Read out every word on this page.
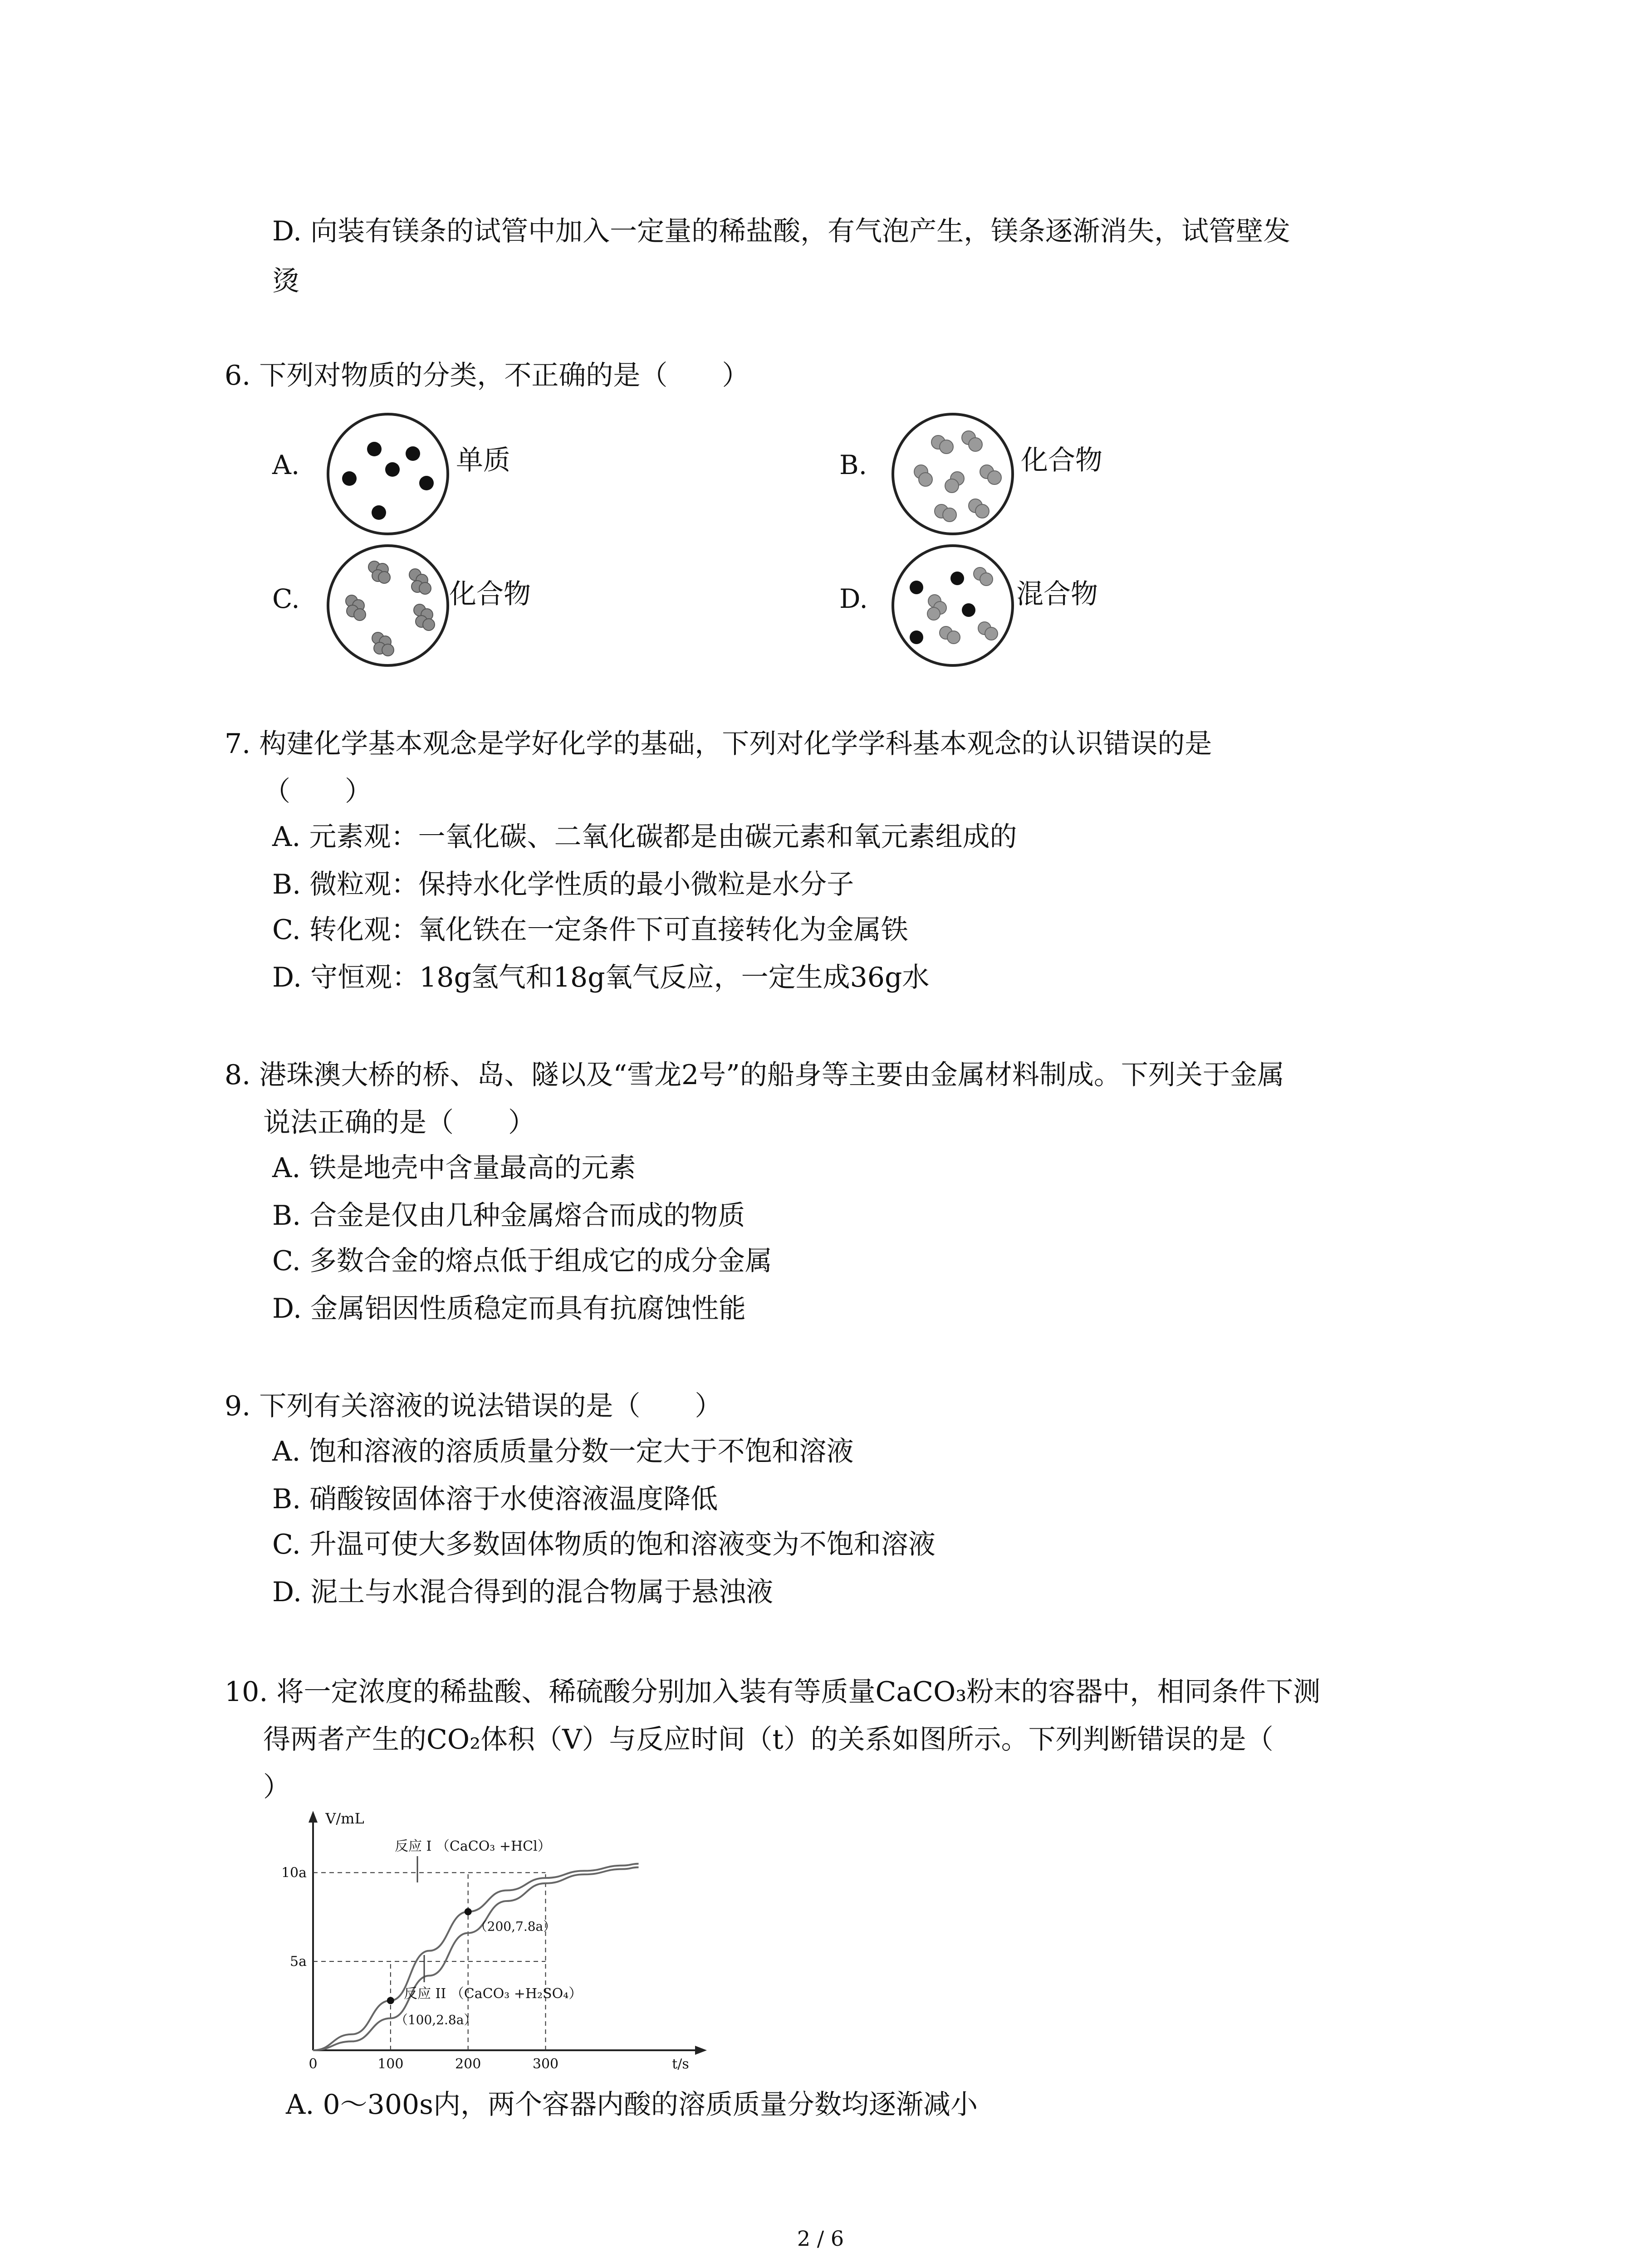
D. 向装有镁条的试管中加入一定量的稀盐酸，有气泡产生，镁条逐渐消失，试管壁发
烫
6. 下列对物质的分类，不正确的是（　　）
A.	单质	B.	化合物
C.	化合物	D.	混合物
7. 构建化学基本观念是学好化学的基础，下列对化学学科基本观念的认识错误的是
（　　）
A. 元素观：一氧化碳、二氧化碳都是由碳元素和氧元素组成的
B. 微粒观：保持水化学性质的最小微粒是水分子
C. 转化观：氧化铁在一定条件下可直接转化为金属铁
D. 守恒观：18g氢气和18g氧气反应，一定生成36g水
8. 港珠澳大桥的桥、岛、隧以及“雪龙2号”的船身等主要由金属材料制成。下列关于金属
说法正确的是（　　）
A. 铁是地壳中含量最高的元素
B. 合金是仅由几种金属熔合而成的物质
C. 多数合金的熔点低于组成它的成分金属
D. 金属铝因性质稳定而具有抗腐蚀性能
9. 下列有关溶液的说法错误的是（　　）
A. 饱和溶液的溶质质量分数一定大于不饱和溶液
B. 硝酸铵固体溶于水使溶液温度降低
C. 升温可使大多数固体物质的饱和溶液变为不饱和溶液
D. 泥土与水混合得到的混合物属于悬浊液
10. 将一定浓度的稀盐酸、稀硫酸分别加入装有等质量CaCO₃粉末的容器中，相同条件下测
得两者产生的CO₂体积（V）与反应时间（t）的关系如图所示。下列判断错误的是（
）
V/mL
t/s
0	100	200	300
5a
10a
反应 I （CaCO₃ +HCl）
反应 II （CaCO₃ +H₂SO₄）
（100,2.8a）
（200,7.8a）
A. 0～300s内，两个容器内酸的溶质质量分数均逐渐减小
2 / 6
